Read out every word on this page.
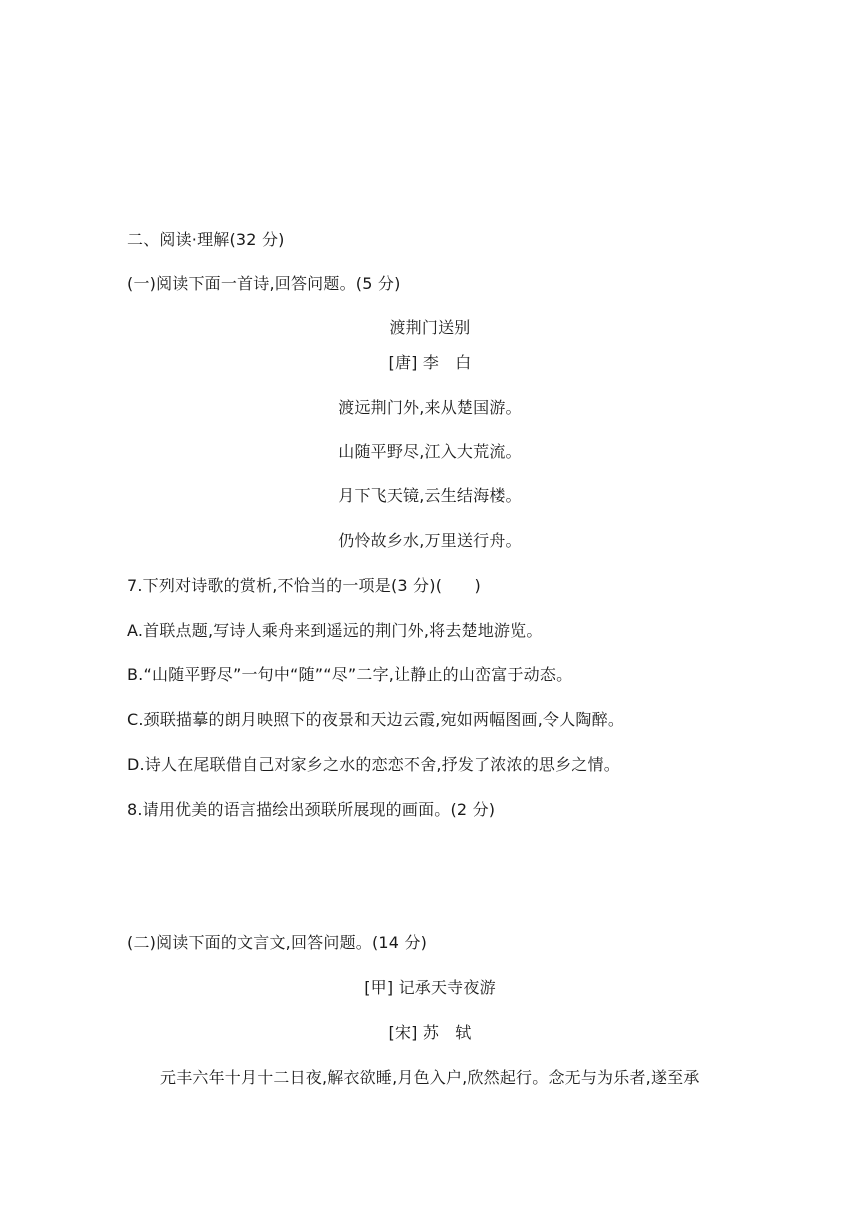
二、阅读·理解(32 分)
(一)阅读下面一首诗,回答问题。(5 分)
渡荆门送别
[唐] 李　白
渡远荆门外,来从楚国游。
山随平野尽,江入大荒流。
月下飞天镜,云生结海楼。
仍怜故乡水,万里送行舟。
7.下列对诗歌的赏析,不恰当的一项是(3 分)(　　)
A.首联点题,写诗人乘舟来到遥远的荆门外,将去楚地游览。
B.“山随平野尽”一句中“随”“尽”二字,让静止的山峦富于动态。
C.颈联描摹的朗月映照下的夜景和天边云霞,宛如两幅图画,令人陶醉。
D.诗人在尾联借自己对家乡之水的恋恋不舍,抒发了浓浓的思乡之情。
8.请用优美的语言描绘出颈联所展现的画面。(2 分)
(二)阅读下面的文言文,回答问题。(14 分)
[甲] 记承天寺夜游
[宋] 苏　轼
元丰六年十月十二日夜,解衣欲睡,月色入户,欣然起行。念无与为乐者,遂至承
